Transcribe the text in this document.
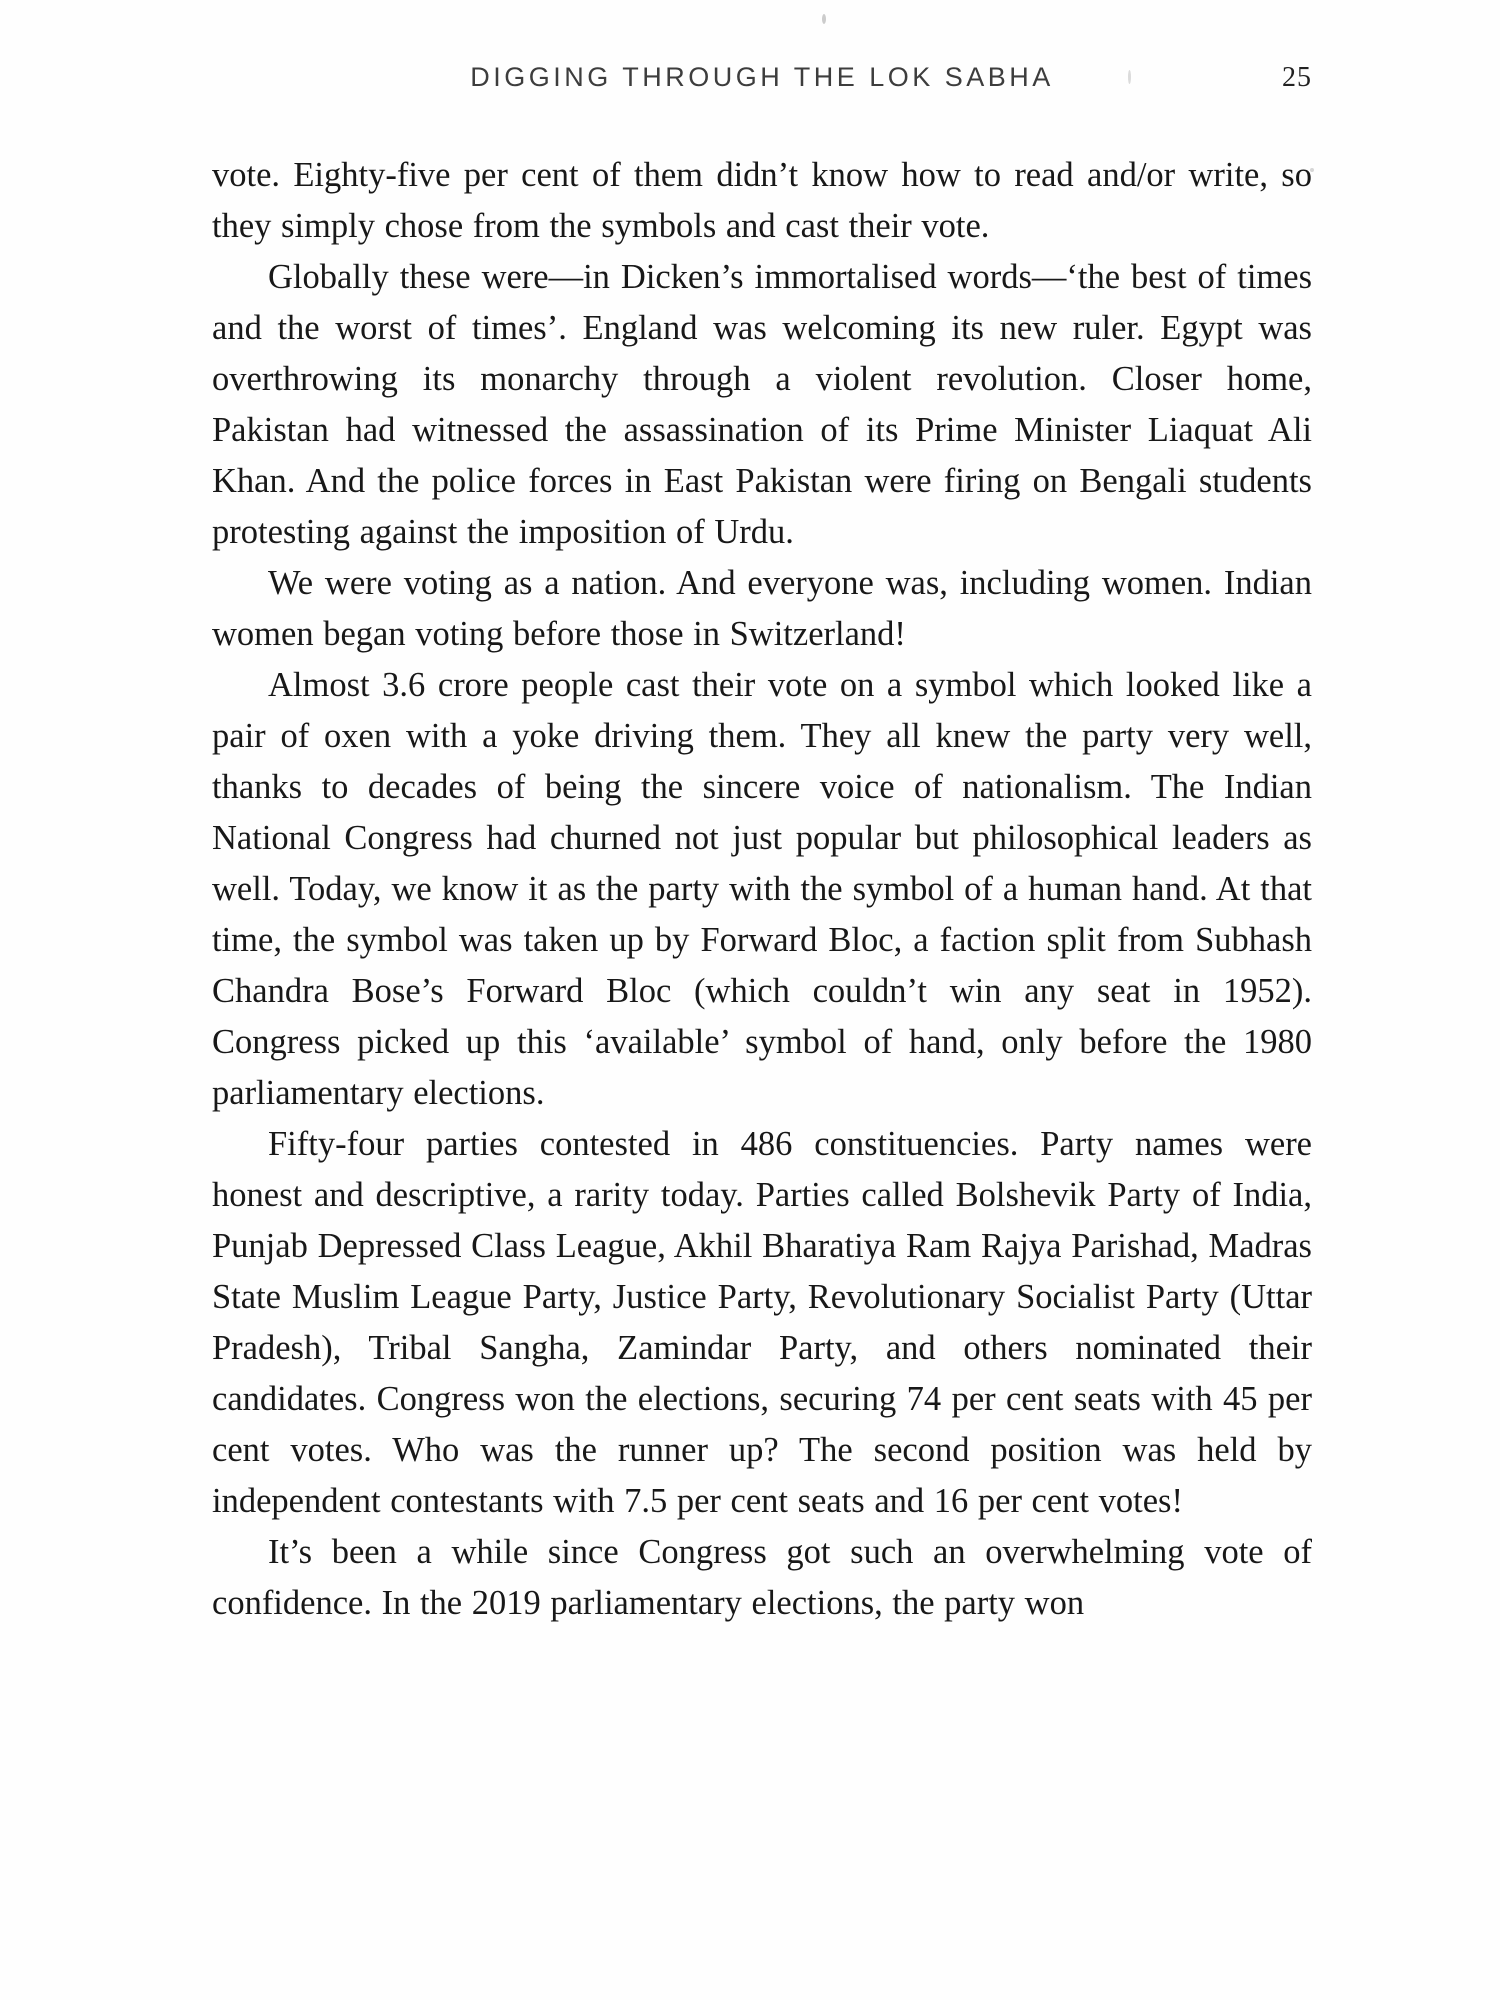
DIGGING THROUGH THE LOK SABHA	25

vote. Eighty-five per cent of them didn’t know how to read and/or write, so they simply chose from the symbols and cast their vote.

Globally these were—in Dicken’s immortalised words—‘the best of times and the worst of times’. England was welcoming its new ruler. Egypt was overthrowing its monarchy through a violent revolution. Closer home, Pakistan had witnessed the assassination of its Prime Minister Liaquat Ali Khan. And the police forces in East Pakistan were firing on Bengali students protesting against the imposition of Urdu.

We were voting as a nation. And everyone was, including women. Indian women began voting before those in Switzerland!

Almost 3.6 crore people cast their vote on a symbol which looked like a pair of oxen with a yoke driving them. They all knew the party very well, thanks to decades of being the sincere voice of nationalism. The Indian National Congress had churned not just popular but philosophical leaders as well. Today, we know it as the party with the symbol of a human hand. At that time, the symbol was taken up by Forward Bloc, a faction split from Subhash Chandra Bose’s Forward Bloc (which couldn’t win any seat in 1952). Congress picked up this ‘available’ symbol of hand, only before the 1980 parliamentary elections.

Fifty-four parties contested in 486 constituencies. Party names were honest and descriptive, a rarity today. Parties called Bolshevik Party of India, Punjab Depressed Class League, Akhil Bharatiya Ram Rajya Parishad, Madras State Muslim League Party, Justice Party, Revolutionary Socialist Party (Uttar Pradesh), Tribal Sangha, Zamindar Party, and others nominated their candidates. Congress won the elections, securing 74 per cent seats with 45 per cent votes. Who was the runner up? The second position was held by independent contestants with 7.5 per cent seats and 16 per cent votes!

It’s been a while since Congress got such an overwhelming vote of confidence. In the 2019 parliamentary elections, the party won
